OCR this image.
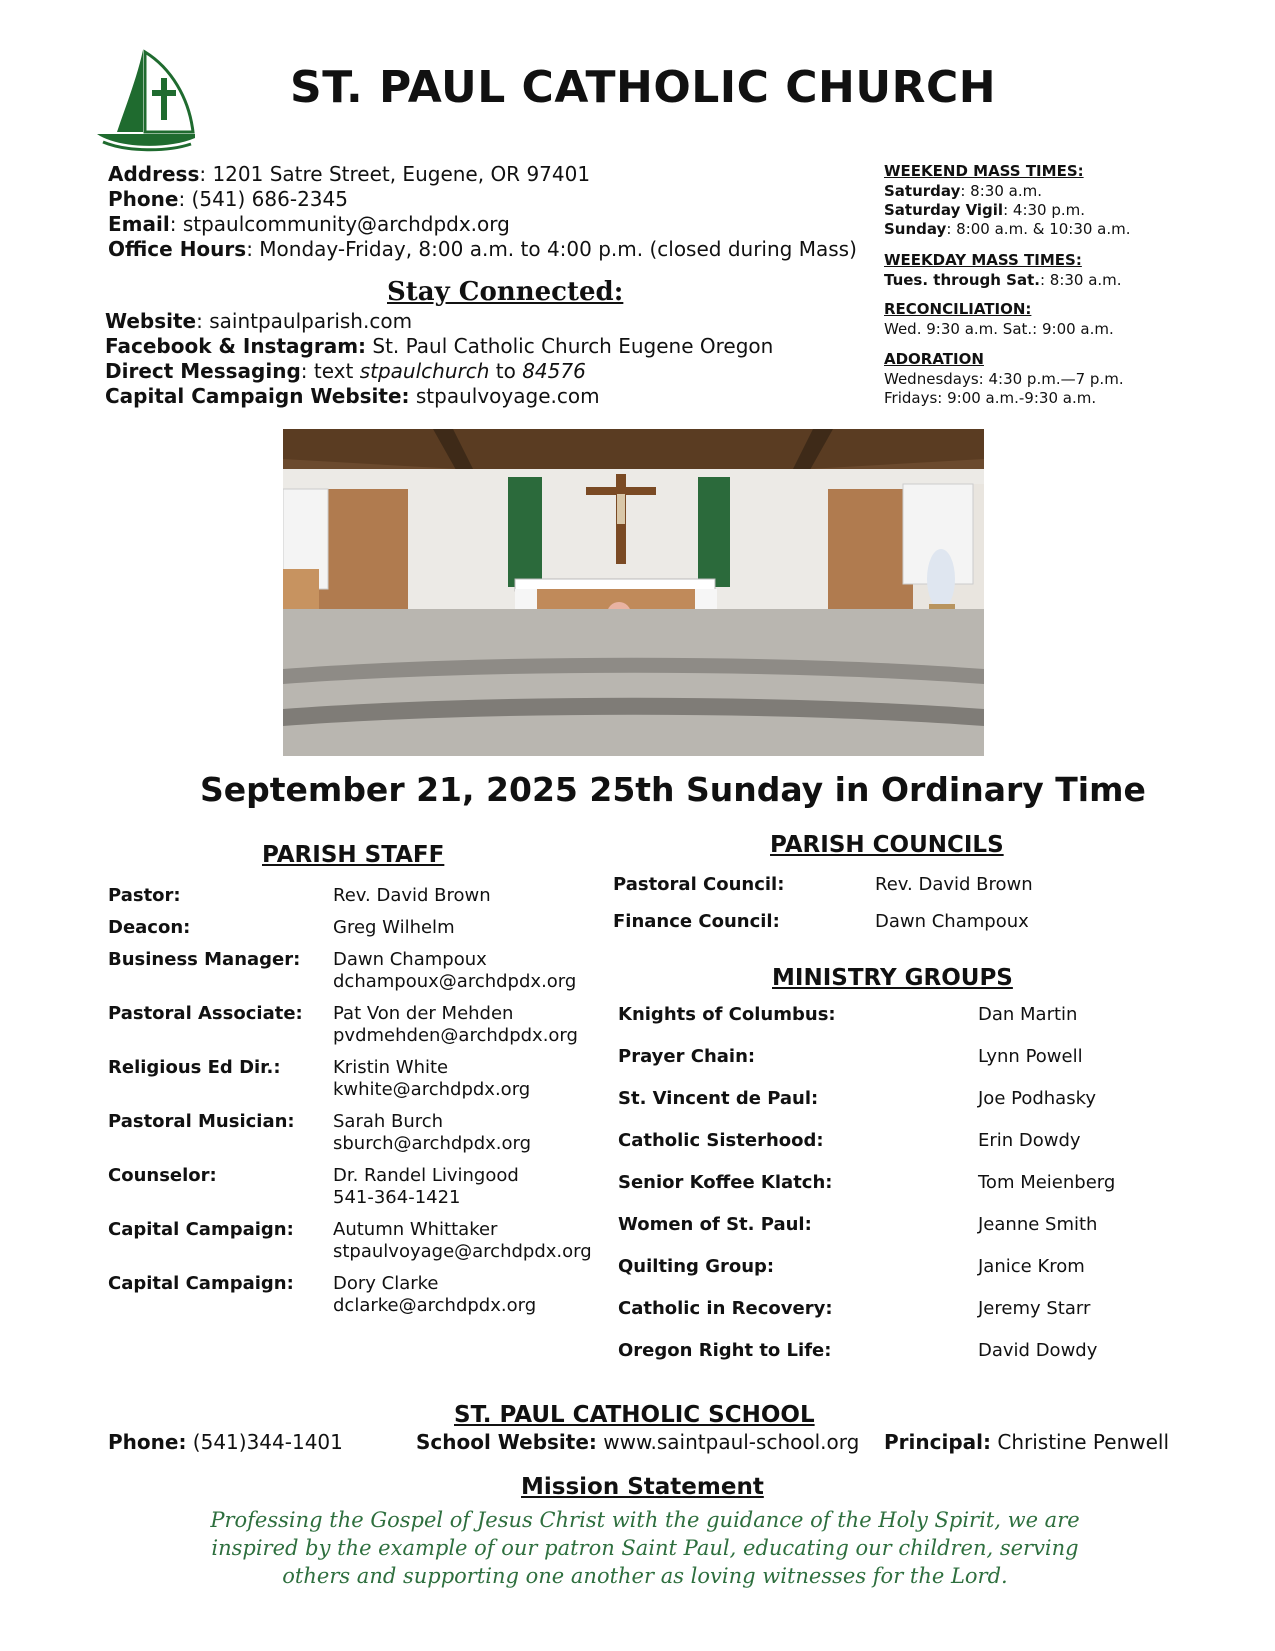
ST. PAUL CATHOLIC CHURCH
Address: 1201 Satre Street, Eugene, OR 97401
Phone: (541) 686-2345
Email: stpaulcommunity@archdpdx.org
Office Hours: Monday-Friday, 8:00 a.m. to 4:00 p.m. (closed during Mass)
Stay Connected:
Website: saintpaulparish.com
Facebook & Instagram: St. Paul Catholic Church Eugene Oregon
Direct Messaging: text stpaulchurch to 84576
Capital Campaign Website: stpaulvoyage.com
WEEKEND MASS TIMES:
Saturday: 8:30 a.m.
Saturday Vigil: 4:30 p.m.
Sunday: 8:00 a.m. & 10:30 a.m.
WEEKDAY MASS TIMES:
Tues. through Sat.: 8:30 a.m.
RECONCILIATION:
Wed. 9:30 a.m. Sat.: 9:00 a.m.
ADORATION
Wednesdays: 4:30 p.m.—7 p.m.
Fridays: 9:00 a.m.-9:30 a.m.
September 21, 2025 25th Sunday in Ordinary Time
PARISH STAFF
Pastor:	Rev. David Brown
Deacon:	Greg Wilhelm
Business Manager: Dawn Champoux
dchampoux@archdpdx.org
Pastoral Associate: Pat Von der Mehden
pvdmehden@archdpdx.org
Religious Ed Dir.:	Kristin White
kwhite@archdpdx.org
Pastoral Musician: Sarah Burch
sburch@archdpdx.org
Counselor:	Dr. Randel Livingood
541-364-1421
Capital Campaign: Autumn Whittaker
stpaulvoyage@archdpdx.org
Capital Campaign: Dory Clarke
dclarke@archdpdx.org
PARISH COUNCILS
Pastoral Council:	Rev. David Brown
Finance Council:	Dawn Champoux
MINISTRY GROUPS
Knights of Columbus:	Dan Martin
Prayer Chain:	Lynn Powell
St. Vincent de Paul:	Joe Podhasky
Catholic Sisterhood:	Erin Dowdy
Senior Koffee Klatch:	Tom Meienberg
Women of St. Paul:	Jeanne Smith
Quilting Group:	Janice Krom
Catholic in Recovery:	Jeremy Starr
Oregon Right to Life:	David Dowdy
ST. PAUL CATHOLIC SCHOOL
Phone: (541)344-1401	School Website: www.saintpaul-school.org Principal: Christine Penwell
Mission Statement
Professing the Gospel of Jesus Christ with the guidance of the Holy Spirit, we are
inspired by the example of our patron Saint Paul, educating our children, serving
others and supporting one another as loving witnesses for the Lord.
